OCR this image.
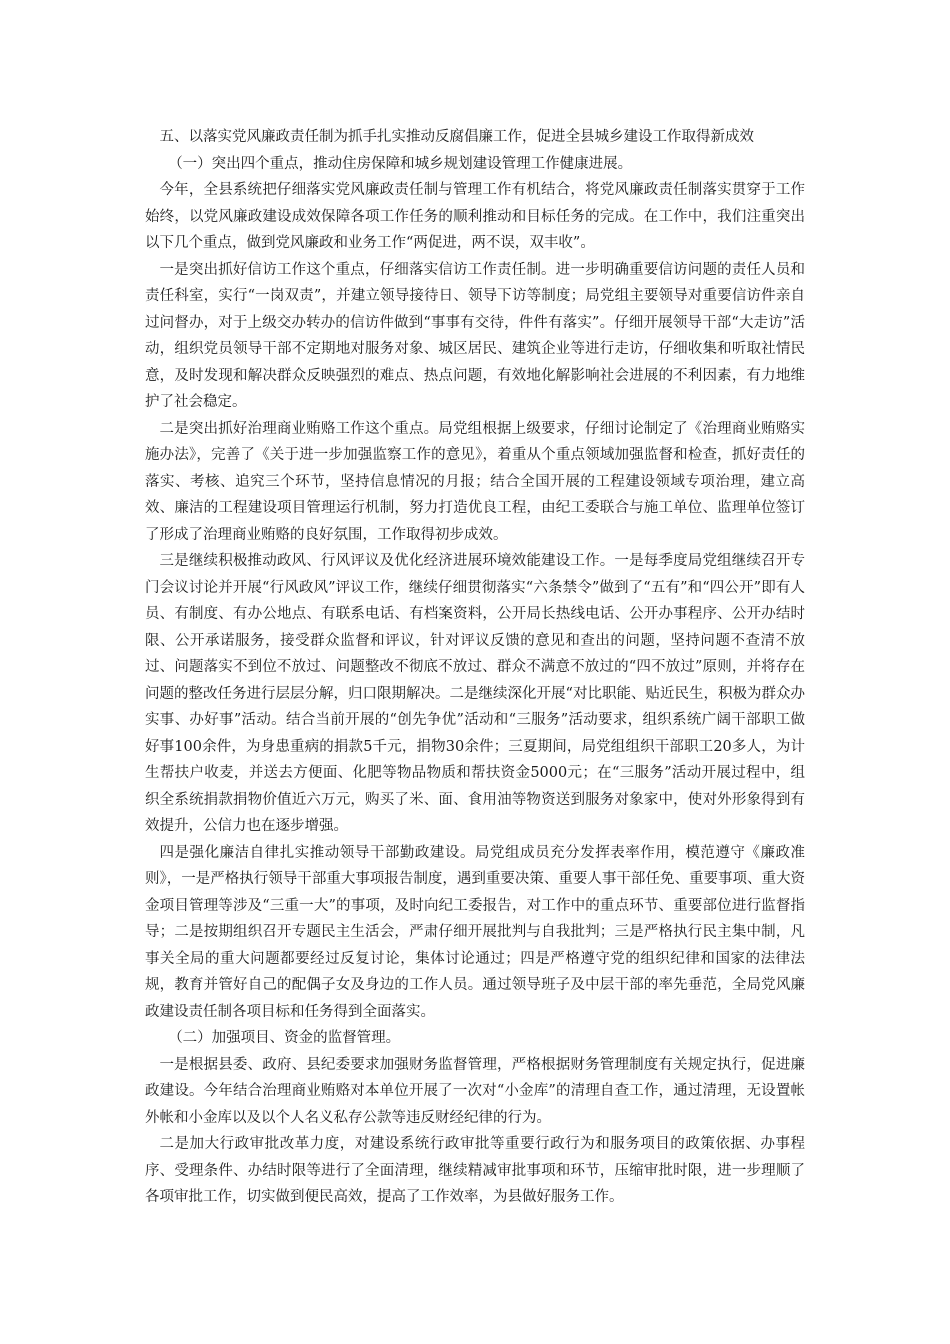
五、以落实党风廉政责任制为抓手扎实推动反腐倡廉工作，促进全县城乡建设工作取得新成效

（一）突出四个重点，推动住房保障和城乡规划建设管理工作健康进展。

今年，全县系统把仔细落实党风廉政责任制与管理工作有机结合，将党风廉政责任制落实贯穿于工作始终，以党风廉政建设成效保障各项工作任务的顺利推动和目标任务的完成。在工作中，我们注重突出以下几个重点，做到党风廉政和业务工作“两促进，两不误，双丰收”。

一是突出抓好信访工作这个重点，仔细落实信访工作责任制。进一步明确重要信访问题的责任人员和责任科室，实行“一岗双责”，并建立领导接待日、领导下访等制度；局党组主要领导对重要信访件亲自过问督办，对于上级交办转办的信访件做到“事事有交待，件件有落实”。仔细开展领导干部“大走访”活动，组织党员领导干部不定期地对服务对象、城区居民、建筑企业等进行走访，仔细收集和听取社情民意，及时发现和解决群众反映强烈的难点、热点问题，有效地化解影响社会进展的不利因素，有力地维护了社会稳定。

二是突出抓好治理商业贿赂工作这个重点。局党组根据上级要求，仔细讨论制定了《治理商业贿赂实施办法》，完善了《关于进一步加强监察工作的意见》，着重从个重点领域加强监督和检查，抓好责任的落实、考核、追究三个环节，坚持信息情况的月报；结合全国开展的工程建设领域专项治理，建立高效、廉洁的工程建设项目管理运行机制，努力打造优良工程，由纪工委联合与施工单位、监理单位签订了形成了治理商业贿赂的良好氛围，工作取得初步成效。

三是继续积极推动政风、行风评议及优化经济进展环境效能建设工作。一是每季度局党组继续召开专门会议讨论并开展“行风政风”评议工作，继续仔细贯彻落实“六条禁令”做到了“五有”和“四公开”即有人员、有制度、有办公地点、有联系电话、有档案资料，公开局长热线电话、公开办事程序、公开办结时限、公开承诺服务，接受群众监督和评议，针对评议反馈的意见和查出的问题，坚持问题不查清不放过、问题落实不到位不放过、问题整改不彻底不放过、群众不满意不放过的“四不放过”原则，并将存在问题的整改任务进行层层分解，归口限期解决。二是继续深化开展“对比职能、贴近民生，积极为群众办实事、办好事”活动。结合当前开展的“创先争优”活动和“三服务”活动要求，组织系统广阔干部职工做好事100余件，为身患重病的捐款5千元，捐物30余件；三夏期间，局党组组织干部职工20多人，为计生帮扶户收麦，并送去方便面、化肥等物品物质和帮扶资金5000元；在“三服务”活动开展过程中，组织全系统捐款捐物价值近六万元，购买了米、面、食用油等物资送到服务对象家中，使对外形象得到有效提升，公信力也在逐步增强。

四是强化廉洁自律扎实推动领导干部勤政建设。局党组成员充分发挥表率作用，模范遵守《廉政准则》，一是严格执行领导干部重大事项报告制度，遇到重要决策、重要人事干部任免、重要事项、重大资金项目管理等涉及“三重一大”的事项，及时向纪工委报告，对工作中的重点环节、重要部位进行监督指导；二是按期组织召开专题民主生活会，严肃仔细开展批判与自我批判；三是严格执行民主集中制，凡事关全局的重大问题都要经过反复讨论，集体讨论通过；四是严格遵守党的组织纪律和国家的法律法规，教育并管好自己的配偶子女及身边的工作人员。通过领导班子及中层干部的率先垂范，全局党风廉政建设责任制各项目标和任务得到全面落实。

（二）加强项目、资金的监督管理。

一是根据县委、政府、县纪委要求加强财务监督管理，严格根据财务管理制度有关规定执行，促进廉政建设。今年结合治理商业贿赂对本单位开展了一次对“小金库”的清理自查工作，通过清理，无设置帐外帐和小金库以及以个人名义私存公款等违反财经纪律的行为。

二是加大行政审批改革力度，对建设系统行政审批等重要行政行为和服务项目的政策依据、办事程序、受理条件、办结时限等进行了全面清理，继续精减审批事项和环节，压缩审批时限，进一步理顺了各项审批工作，切实做到便民高效，提高了工作效率，为县做好服务工作。
